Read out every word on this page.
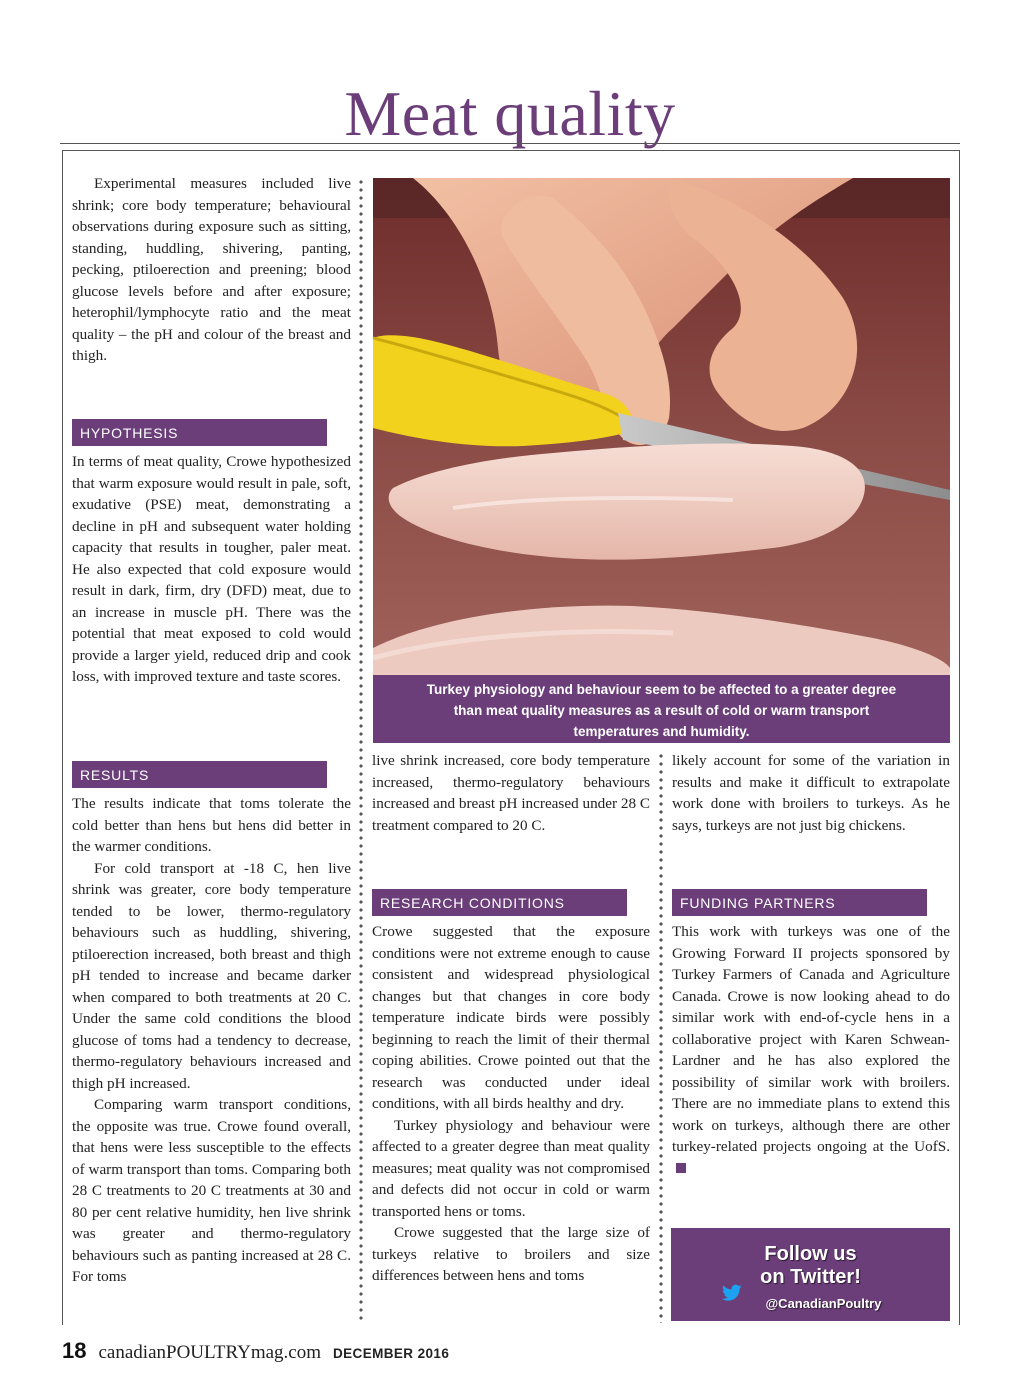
Meat quality

Experimental measures included live shrink; core body temperature; behavioural observations during exposure such as sitting, standing, huddling, shivering, panting, pecking, ptiloerection and preening; blood glucose levels before and after exposure; heterophil/lymphocyte ratio and the meat quality – the pH and colour of the breast and thigh.

HYPOTHESIS

In terms of meat quality, Crowe hypothesized that warm exposure would result in pale, soft, exudative (PSE) meat, demonstrating a decline in pH and subsequent water holding capacity that results in tougher, paler meat. He also expected that cold exposure would result in dark, firm, dry (DFD) meat, due to an increase in muscle pH. There was the potential that meat exposed to cold would provide a larger yield, reduced drip and cook loss, with improved texture and taste scores.

RESULTS

The results indicate that toms tolerate the cold better than hens but hens did better in the warmer conditions.

For cold transport at -18 C, hen live shrink was greater, core body temperature tended to be lower, thermo-regulatory behaviours such as huddling, shivering, ptiloerection increased, both breast and thigh pH tended to increase and became darker when compared to both treatments at 20 C. Under the same cold conditions the blood glucose of toms had a tendency to decrease, thermo-regulatory behaviours increased and thigh pH increased.

Comparing warm transport conditions, the opposite was true. Crowe found overall, that hens were less susceptible to the effects of warm transport than toms. Comparing both 28 C treatments to 20 C treatments at 30 and 80 per cent relative humidity, hen live shrink was greater and thermo-regulatory behaviours such as panting increased at 28 C. For toms

Turkey physiology and behaviour seem to be affected to a greater degree than meat quality measures as a result of cold or warm transport temperatures and humidity.

live shrink increased, core body temperature increased, thermo-regulatory behaviours increased and breast pH increased under 28 C treatment compared to 20 C.

RESEARCH CONDITIONS

Crowe suggested that the exposure conditions were not extreme enough to cause consistent and widespread physiological changes but that changes in core body temperature indicate birds were possibly beginning to reach the limit of their thermal coping abilities. Crowe pointed out that the research was conducted under ideal conditions, with all birds healthy and dry.

Turkey physiology and behaviour were affected to a greater degree than meat quality measures; meat quality was not compromised and defects did not occur in cold or warm transported hens or toms.

Crowe suggested that the large size of turkeys relative to broilers and size differences between hens and toms

likely account for some of the variation in results and make it difficult to extrapolate work done with broilers to turkeys. As he says, turkeys are not just big chickens.

FUNDING PARTNERS

This work with turkeys was one of the Growing Forward II projects sponsored by Turkey Farmers of Canada and Agriculture Canada. Crowe is now looking ahead to do similar work with end-of-cycle hens in a collaborative project with Karen Schwean-Lardner and he has also explored the possibility of similar work with broilers. There are no immediate plans to extend this work on turkeys, although there are other turkey-related projects ongoing at the UofS.

Follow us
on Twitter!
@CanadianPoultry
18 canadianPOULTRYmag.com DECEMBER 2016
